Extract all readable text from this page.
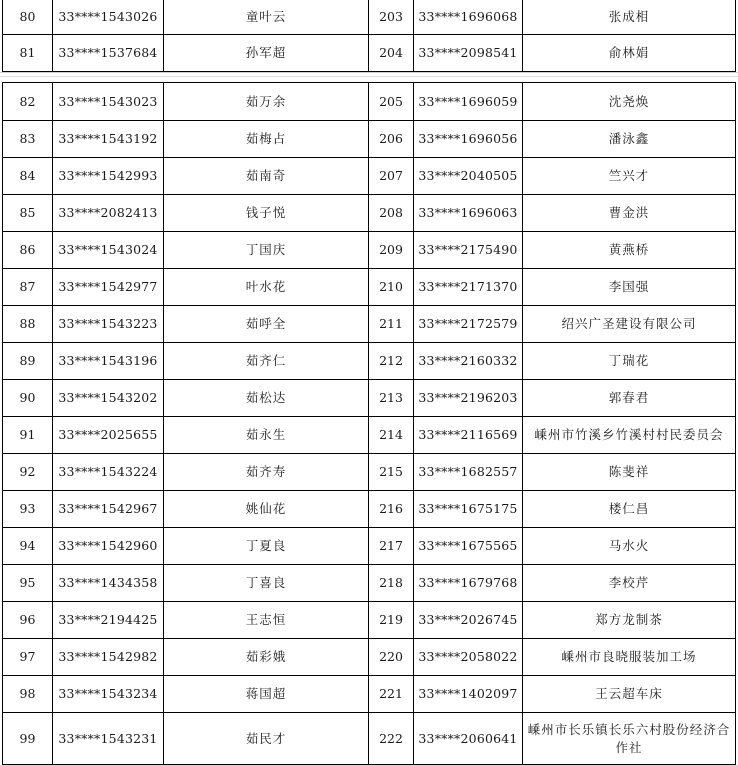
80	33****1543026	童叶云	203	33****1696068	张成相
81	33****1537684	孙军超	204	33****2098541	俞林娟
82	33****1543023	茹万余	205	33****1696059	沈尧焕
83	33****1543192	茹梅占	206	33****1696056	潘泳鑫
84	33****1542993	茹南奇	207	33****2040505	竺兴才
85	33****2082413	钱子悦	208	33****1696063	曹金洪
86	33****1543024	丁国庆	209	33****2175490	黄燕桥
87	33****1542977	叶水花	210	33****2171370	李国强
88	33****1543223	茹呼全	211	33****2172579	绍兴广圣建设有限公司
89	33****1543196	茹齐仁	212	33****2160332	丁瑞花
90	33****1543202	茹松达	213	33****2196203	郭春君
91	33****2025655	茹永生	214	33****2116569	嵊州市竹溪乡竹溪村村民委员会
92	33****1543224	茹齐寿	215	33****1682557	陈斐祥
93	33****1542967	姚仙花	216	33****1675175	楼仁昌
94	33****1542960	丁夏良	217	33****1675565	马水火
95	33****1434358	丁喜良	218	33****1679768	李校芹
96	33****2194425	王志恒	219	33****2026745	郑方龙制茶
97	33****1542982	茹彩娥	220	33****2058022	嵊州市良晓服装加工场
98	33****1543234	蒋国超	221	33****1402097	王云超车床
99	33****1543231	茹民才	222	33****2060641	嵊州市长乐镇长乐六村股份经济合作社
